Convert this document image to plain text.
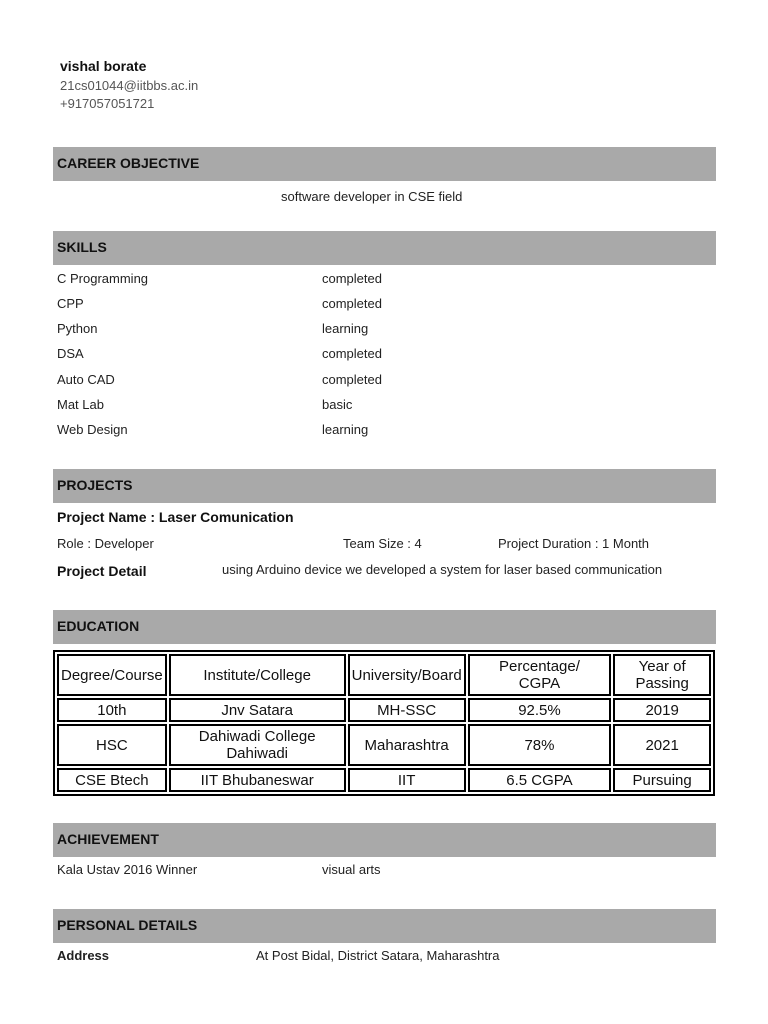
vishal borate
21cs01044@iitbbs.ac.in
+917057051721
CAREER OBJECTIVE
software developer in CSE field
SKILLS
C Programming	completed
CPP	completed
Python	learning
DSA	completed
Auto CAD	completed
Mat Lab	basic
Web Design	learning
PROJECTS
Project Name : Laser Comunication
Role : Developer	Team Size : 4	Project Duration : 1 Month
Project Detail	using Arduino device we developed a system for laser based communication
EDUCATION
Degree/Course	Institute/College	University/Board	Percentage/ CGPA	Year of Passing
10th	Jnv Satara	MH-SSC	92.5%	2019
HSC	Dahiwadi College Dahiwadi	Maharashtra	78%	2021
CSE Btech	IIT Bhubaneswar	IIT	6.5 CGPA	Pursuing
ACHIEVEMENT
Kala Ustav 2016 Winner	visual arts
PERSONAL DETAILS
Address	At Post Bidal, District Satara, Maharashtra
